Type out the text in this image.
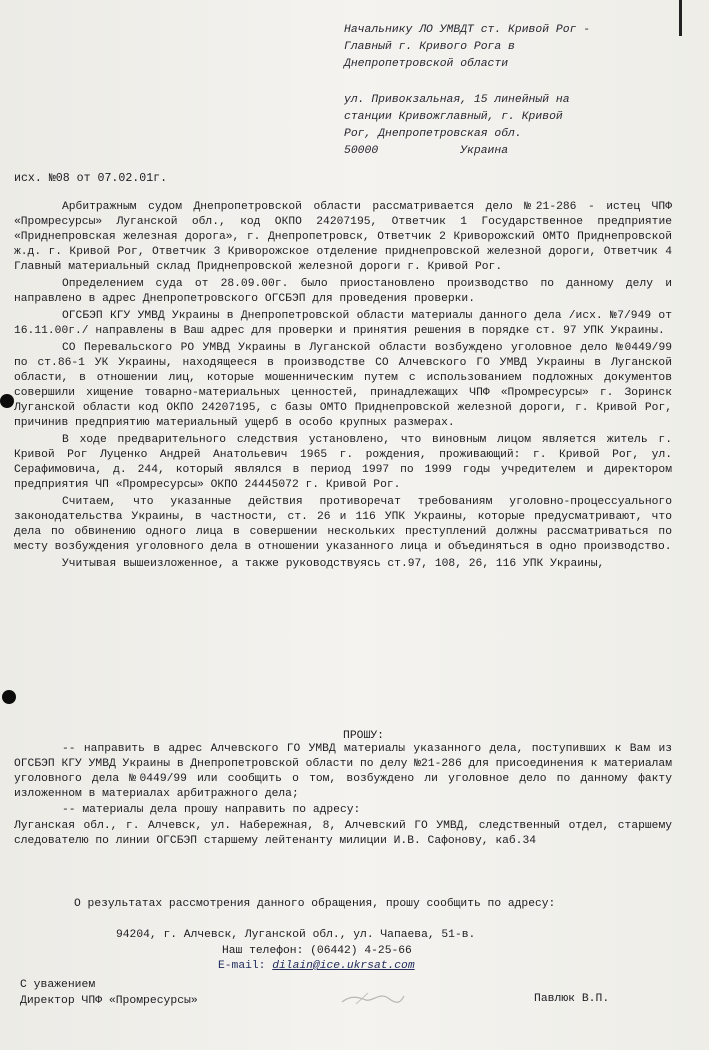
Начальнику ЛО УМВДТ ст. Кривой Рог -
Главный г. Кривого Рога в
Днепропетровской области
ул. Привокзальная, 15 линейный на
станции Кривожглавный, г. Кривой
Рог, Днепропетровская обл.
50000            Украина
исх. №08 от 07.02.01г.

Арбитражным судом Днепропетровской области рассматривается дело №21-286 - истец ЧПФ «Промресурсы» Луганской обл., код ОКПО 24207195, Ответчик 1 Государственное предприятие «Приднепровская железная дорога», г. Днепропетровск, Ответчик 2 Криворожский ОМТО Приднепровской ж.д. г. Кривой Рог, Ответчик 3 Криворожское отделение приднепровской железной дороги, Ответчик 4 Главный материальный склад Приднепровской железной дороги г. Кривой Рог.

Определением суда от 28.09.00г. было приостановлено производство по данному делу и направлено в адрес Днепропетровского ОГСБЭП для проведения проверки.

ОГСБЭП КГУ УМВД Украины в Днепропетровской области материалы данного дела /исх. №7/949 от 16.11.00г./ направлены в Ваш адрес для проверки и принятия решения в порядке ст. 97 УПК Украины.

СО Перевальского РО УМВД Украины в Луганской области возбуждено уголовное дело №0449/99 по ст.86-1 УК Украины, находящееся в производстве СО Алчевского ГО УМВД Украины в Луганской области, в отношении лиц, которые мошенническим путем с использованием подложных документов совершили хищение товарно-материальных ценностей, принадлежащих ЧПФ «Промресурсы» г. Зоринск Луганской области код ОКПО 24207195, с базы ОМТО Приднепровской железной дороги, г. Кривой Рог, причинив предприятию материальный ущерб в особо крупных размерах.

В ходе предварительного следствия установлено, что виновным лицом является житель г. Кривой Рог Луценко Андрей Анатольевич 1965 г. рождения, проживающий: г. Кривой Рог, ул. Серафимовича, д. 244, который являлся в период 1997 по 1999 годы учредителем и директором предприятия ЧП «Промресурсы» ОКПО 24445072 г. Кривой Рог.

Считаем, что указанные действия противоречат требованиям уголовно-процессуального законодательства Украины, в частности, ст. 26 и 116 УПК Украины, которые предусматривают, что дела по обвинению одного лица в совершении нескольких преступлений должны рассматриваться по месту возбуждения уголовного дела в отношении указанного лица и объединяться в одно производство.

Учитывая вышеизложенное, а также руководствуясь ст.97, 108, 26, 116 УПК Украины,

ПРОШУ:

-- направить в адрес Алчевского ГО УМВД материалы указанного дела, поступивших к Вам из ОГСБЭП КГУ УМВД Украины в Днепропетровской области по делу №21-286 для присоединения к материалам уголовного дела №0449/99 или сообщить о том, возбуждено ли уголовное дело по данному факту изложенном в материалах арбитражного дела;

-- материалы дела прошу направить по адресу:

Луганская обл., г. Алчевск, ул. Набережная, 8, Алчевский ГО УМВД, следственный отдел, старшему следователю по линии ОГСБЭП старшему лейтенанту милиции И.В. Сафонову, каб.34

О результатах рассмотрения данного обращения, прошу сообщить по адресу:

94204, г. Алчевск, Луганской обл., ул. Чапаева, 51-в.
Наш телефон: (06442) 4-25-66
E-mail: dilain@ice.ukrsat.com
С уважением
Директор ЧПФ «Промресурсы»	Павлюк В.П.
